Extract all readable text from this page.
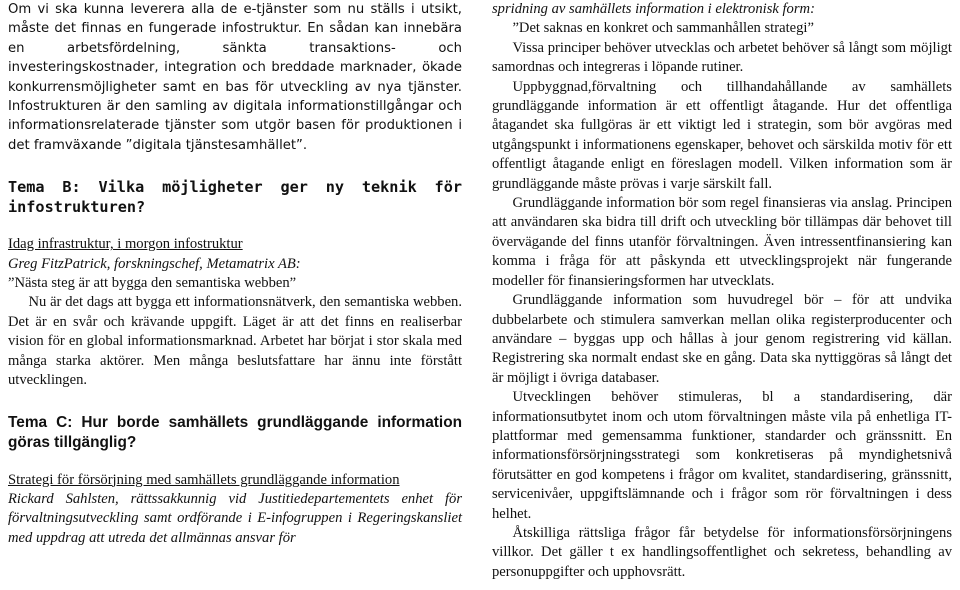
Om vi ska kunna leverera alla de e-tjänster som nu ställs i utsikt, måste det finnas en fungerade infostruktur. En sådan kan innebära en arbetsfördelning, sänkta transaktions- och investeringskostnader, integration och breddade marknader, ökade konkurrensmöjligheter samt en bas för utveckling av nya tjänster. Infostrukturen är den samling av digitala informationstillgångar och informationsrelaterade tjänster som utgör basen för produktionen i det framväxande ”digitala tjänstesamhället”.

Tema B: Vilka möjligheter ger ny teknik för infostrukturen?

Idag infrastruktur, i morgon infostruktur

Greg FitzPatrick, forskningschef, Metamatrix AB:

”Nästa steg är att bygga den semantiska webben”

Nu är det dags att bygga ett informationsnätverk, den semantiska webben. Det är en svår och krävande uppgift. Läget är att det finns en realiserbar vision för en global informationsmarknad. Arbetet har börjat i stor skala med många starka aktörer. Men många beslutsfattare har ännu inte förstått utvecklingen.

Tema C: Hur borde samhällets grundläggande information göras tillgänglig?

Strategi för försörjning med samhällets grundläggande information

Rickard Sahlsten, rättssakkunnig vid Justitiedepartementets enhet för förvaltningsutveckling samt ordförande i E-infogruppen i Regeringskansliet med uppdrag att utreda det allmännas ansvar för

spridning av samhällets information i elektronisk form:

”Det saknas en konkret och sammanhållen strategi”

Vissa principer behöver utvecklas och arbetet behöver så långt som möjligt samordnas och integreras i löpande rutiner.

Uppbyggnad,förvaltning och tillhandahållande av samhällets grundläggande information är ett offentligt åtagande. Hur det offentliga åtagandet ska fullgöras är ett viktigt led i strategin, som bör avgöras med utgångspunkt i informationens egenskaper, behovet och särskilda motiv för ett offentligt åtagande enligt en föreslagen modell. Vilken information som är grundläggande måste prövas i varje särskilt fall.

Grundläggande information bör som regel finansieras via anslag. Principen att användaren ska bidra till drift och utveckling bör tillämpas där behovet till övervägande del finns utanför förvaltningen. Även intressentfinansiering kan komma i fråga för att påskynda ett utvecklingsprojekt när fungerande modeller för finansieringsformen har utvecklats.

Grundläggande information som huvudregel bör – för att undvika dubbelarbete och stimulera samverkan mellan olika registerproducenter och användare – byggas upp och hållas à jour genom registrering vid källan. Registrering ska normalt endast ske en gång. Data ska nyttiggöras så långt det är möjligt i övriga databaser.

Utvecklingen behöver stimuleras, bl a standardisering, där informationsutbytet inom och utom förvaltningen måste vila på enhetliga IT-plattformar med gemensamma funktioner, standarder och gränssnitt. En informationsförsörjningsstrategi som konkretiseras på myndighetsnivå förutsätter en god kompetens i frågor om kvalitet, standardisering, gränssnitt, servicenivåer, uppgiftslämnande och i frågor som rör förvaltningen i dess helhet.

Åtskilliga rättsliga frågor får betydelse för informationsförsörjningens villkor. Det gäller t ex handlingsoffentlighet och sekretess, behandling av personuppgifter och upphovsrätt.
